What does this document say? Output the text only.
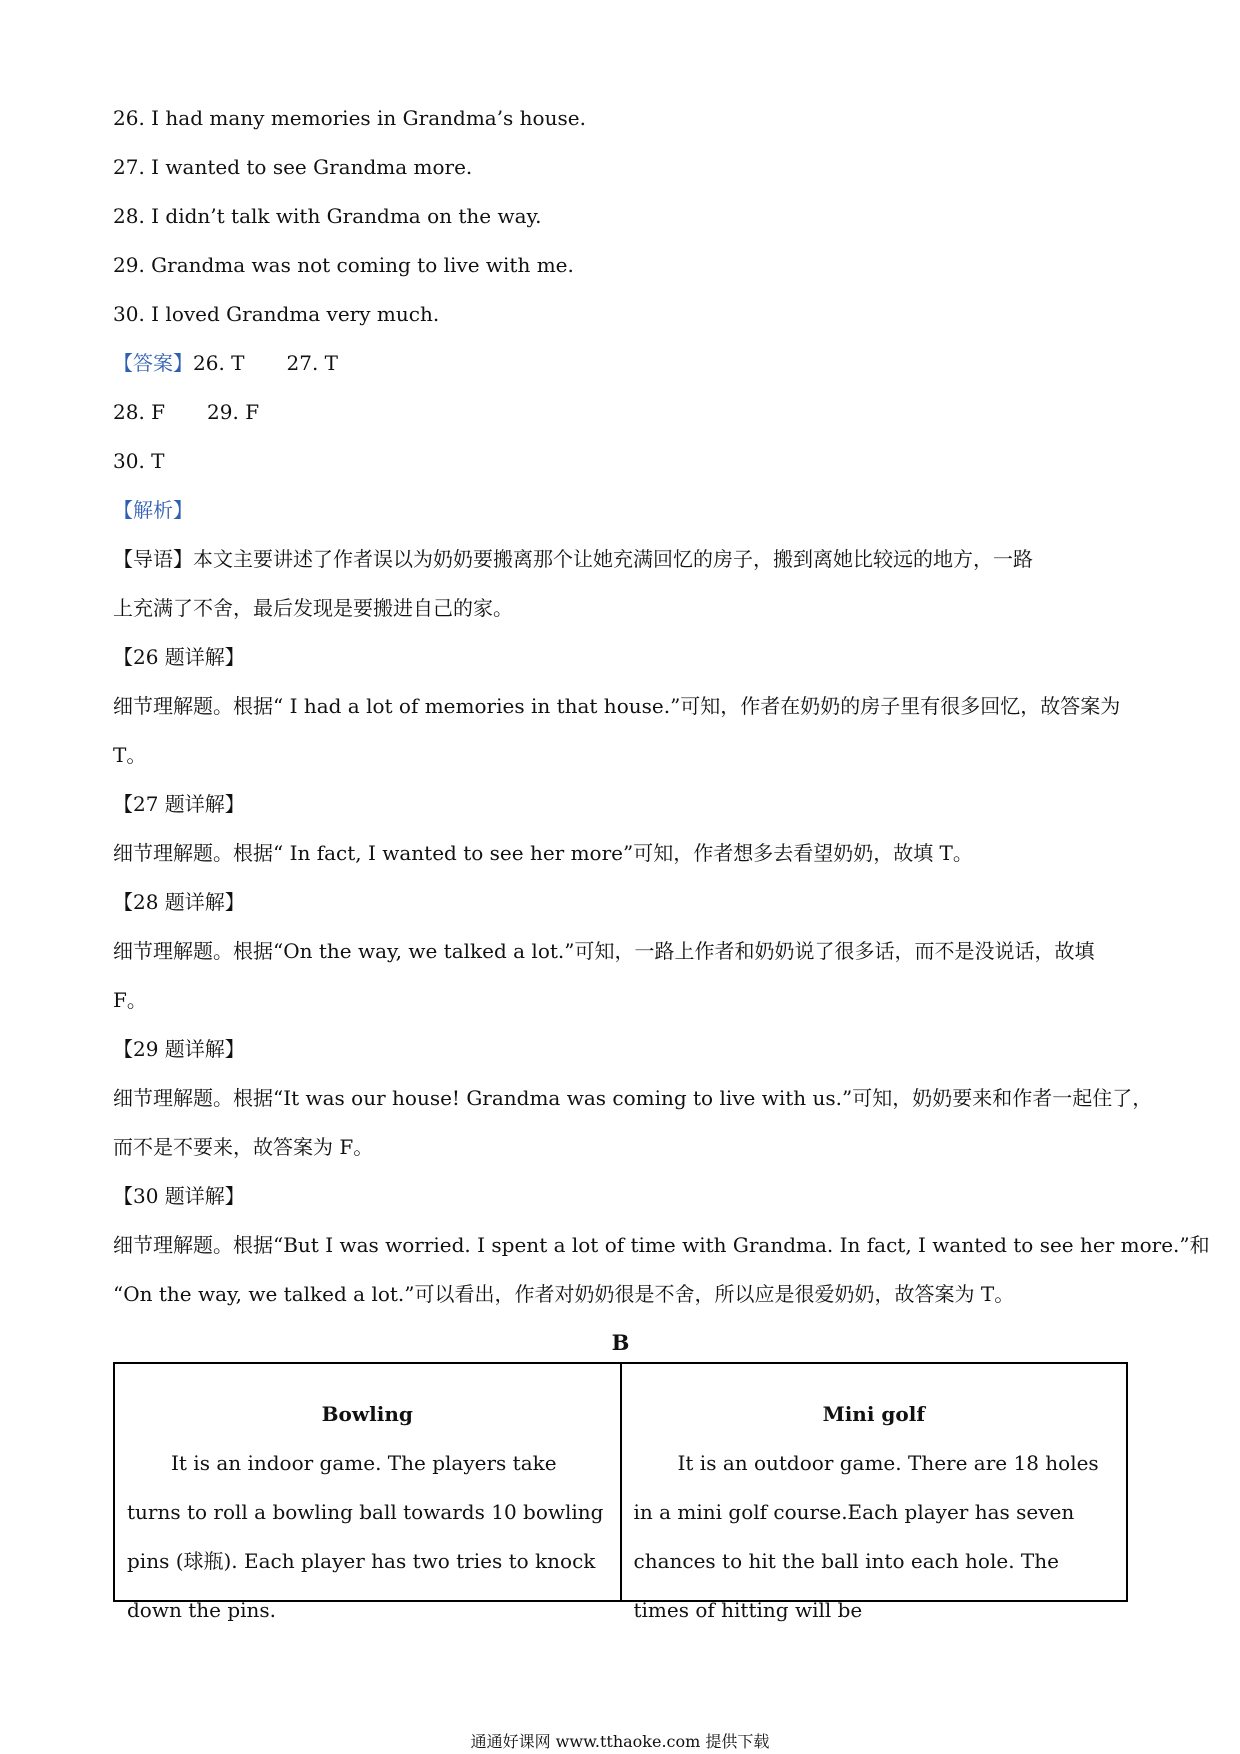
26. I had many memories in Grandma’s house.
27. I wanted to see Grandma more.
28. I didn’t talk with Grandma on the way.
29. Grandma was not coming to live with me.
30. I loved Grandma very much.
【答案】26. T 27. T
28. F 29. F
30. T
【解析】
【导语】本文主要讲述了作者误以为奶奶要搬离那个让她充满回忆的房子，搬到离她比较远的地方，一路
上充满了不舍，最后发现是要搬进自己的家。
【26 题详解】
细节理解题。根据“ I had a lot of memories in that house.”可知，作者在奶奶的房子里有很多回忆，故答案为
T。
【27 题详解】
细节理解题。根据“ In fact, I wanted to see her more”可知，作者想多去看望奶奶，故填 T。
【28 题详解】
细节理解题。根据“On the way, we talked a lot.”可知，一路上作者和奶奶说了很多话，而不是没说话，故填
F。
【29 题详解】
细节理解题。根据“It was our house! Grandma was coming to live with us.”可知，奶奶要来和作者一起住了，
而不是不要来，故答案为 F。
【30 题详解】
细节理解题。根据“But I was worried. I spent a lot of time with Grandma. In fact, I wanted to see her more.”和
“On the way, we talked a lot.”可以看出，作者对奶奶很是不舍，所以应是很爱奶奶，故答案为 T。
B
Bowling
It is an indoor game. The players take turns to roll a bowling ball towards 10 bowling pins (球瓶). Each player has two tries to knock down the pins.
Mini golf
It is an outdoor game. There are 18 holes in a mini golf course.Each player has seven chances to hit the ball into each hole. The times of hitting will be
通通好课网 www.tthaoke.com 提供下载
